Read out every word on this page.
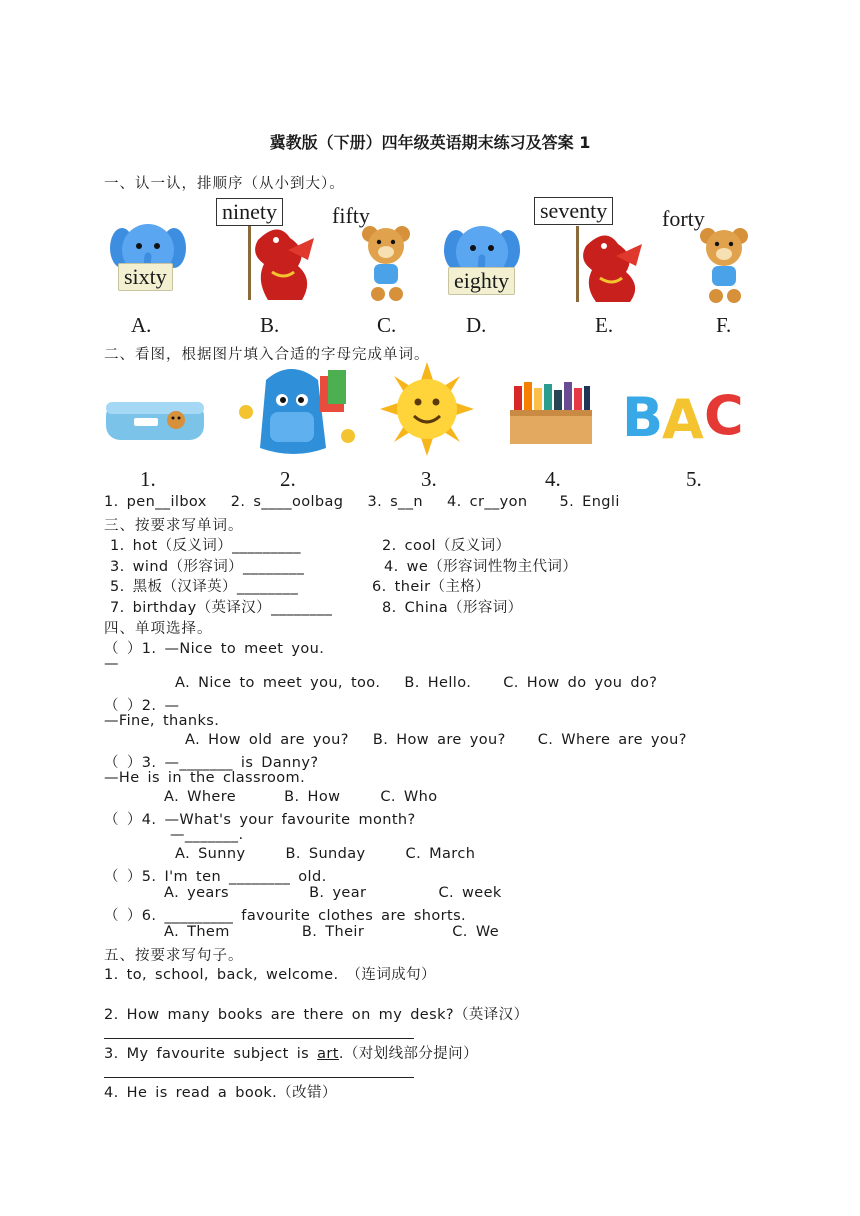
冀教版（下册）四年级英语期末练习及答案 1
一、认一认，排顺序（从小到大）。
sixty
ninety	fifty
eighty
seventy forty
A.	B.	C.	D.	E.	F.
二、看图，根据图片填入合适的字母完成单词。
B
A C
1.	2.	3.	4.	5.
1. pen__ilbox   2. s____oolbag   3. s__n   4. cr__yon    5. Engli
三、按要求写单词。
1. hot（反义词）_________	2. cool（反义词）
3. wind（形容词）________	4. we（形容词性物主代词）
5. 黑板（汉译英）________	6. their（主格）
7. birthday（英译汉）________	8. China（形容词）
四、单项选择。
（ ）1. —Nice to meet you.
—
A. Nice to meet you, too.   B. Hello.    C. How do you do?
（ ）2. —
—Fine, thanks.
A. How old are you?   B. How are you?    C. Where are you?
（ ）3. —_______ is Danny?
—He is in the classroom.
A. Where      B. How     C. Who
（ ）4. —What's your favourite month?
—_______.
A. Sunny     B. Sunday     C. March
（ ）5. I'm ten ________ old.
A. years          B. year         C. week
（ ）6. _________ favourite clothes are shorts.
A. Them         B. Their           C. We
五、按要求写句子。
1. to, school, back, welcome. （连词成句）
2. How many books are there on my desk?（英译汉）
3. My favourite subject is art.（对划线部分提问）
4. He is read a book.（改错）
